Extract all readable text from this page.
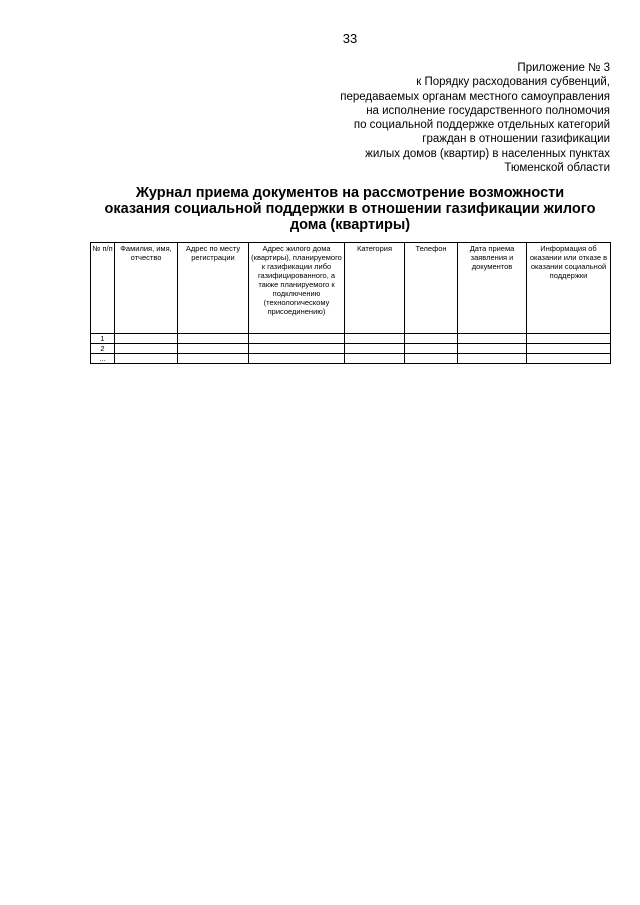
33
Приложение № 3
к Порядку расходования субвенций,
передаваемых органам местного самоуправления
на исполнение государственного полномочия
по социальной поддержке отдельных категорий
граждан в отношении газификации
жилых домов (квартир) в населенных пунктах
Тюменской области
Журнал приема документов на рассмотрение возможности
оказания социальной поддержки в отношении газификации жилого
дома (квартиры)
№ п/п	Фамилия, имя, отчество	Адрес по месту регистрации	Адрес жилого дома (квартиры), планируемого к газификации либо газифицированного, а также планируемого к подключению (технологическому присоединению)	Категория	Телефон	Дата приема заявления и документов	Информация об оказании или отказе в оказании социальной поддержки
1							
2							
...							
